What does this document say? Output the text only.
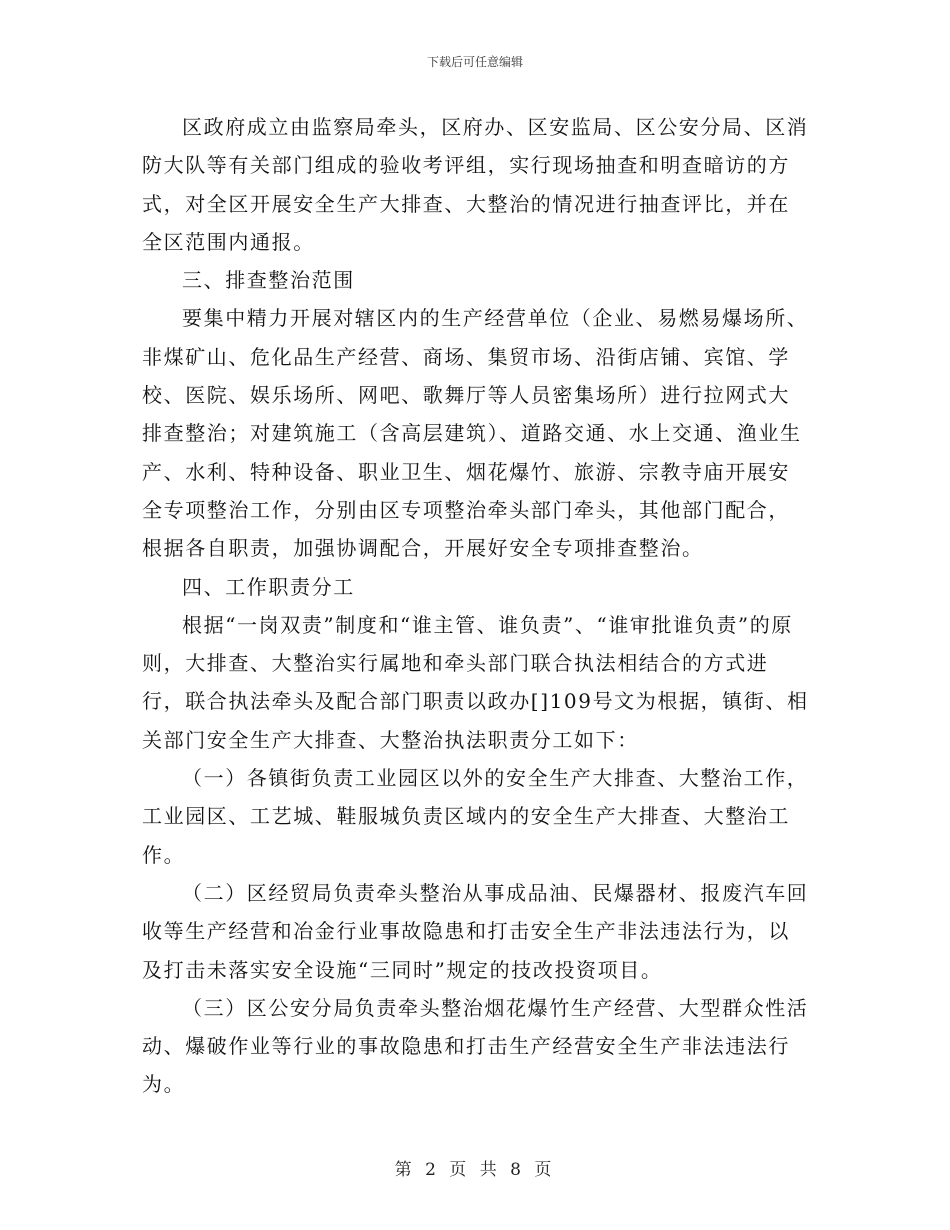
下载后可任意编辑

区政府成立由监察局牵头，区府办、区安监局、区公安分局、区消防大队等有关部门组成的验收考评组，实行现场抽查和明查暗访的方式，对全区开展安全生产大排查、大整治的情况进行抽查评比，并在全区范围内通报。

三、排查整治范围

要集中精力开展对辖区内的生产经营单位（企业、易燃易爆场所、非煤矿山、危化品生产经营、商场、集贸市场、沿街店铺、宾馆、学校、医院、娱乐场所、网吧、歌舞厅等人员密集场所）进行拉网式大排查整治；对建筑施工（含高层建筑）、道路交通、水上交通、渔业生产、水利、特种设备、职业卫生、烟花爆竹、旅游、宗教寺庙开展安全专项整治工作，分别由区专项整治牵头部门牵头，其他部门配合，根据各自职责，加强协调配合，开展好安全专项排查整治。

四、工作职责分工

根据“一岗双责”制度和“谁主管、谁负责”、“谁审批谁负责”的原则，大排查、大整治实行属地和牵头部门联合执法相结合的方式进行，联合执法牵头及配合部门职责以政办[]109号文为根据，镇街、相关部门安全生产大排查、大整治执法职责分工如下：

（一）各镇街负责工业园区以外的安全生产大排查、大整治工作，工业园区、工艺城、鞋服城负责区域内的安全生产大排查、大整治工作。

（二）区经贸局负责牵头整治从事成品油、民爆器材、报废汽车回收等生产经营和冶金行业事故隐患和打击安全生产非法违法行为，以及打击未落实安全设施“三同时”规定的技改投资项目。

（三）区公安分局负责牵头整治烟花爆竹生产经营、大型群众性活动、爆破作业等行业的事故隐患和打击生产经营安全生产非法违法行为。

第 2 页 共 8 页
